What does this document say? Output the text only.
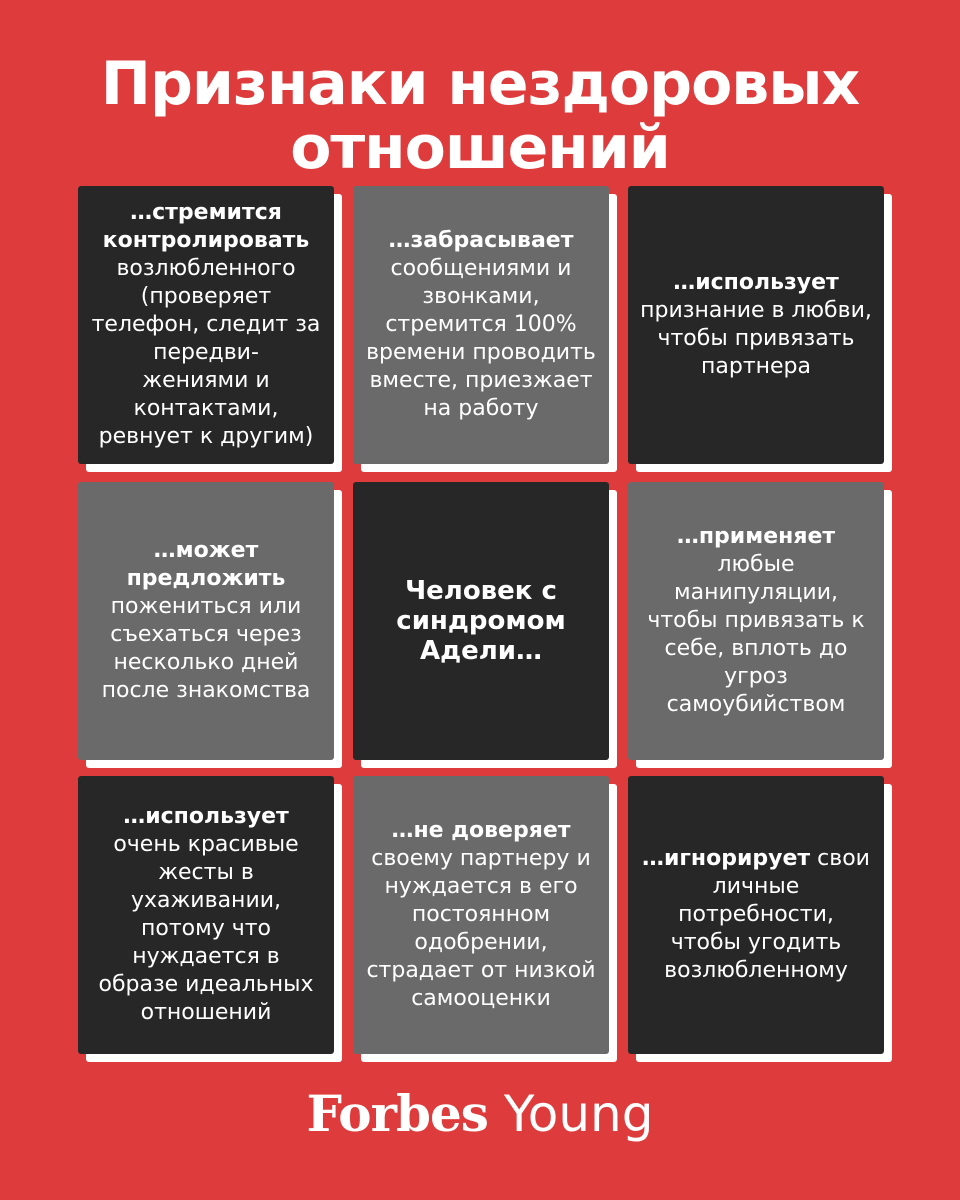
Признаки нездоровых
отношений
…стремится контролировать возлюбленного (проверяет телефон, следит за передви-
жениями и контактами, ревнует к другим)
…забрасывает сообщениями и звонками, стремится 100% времени проводить вместе, приезжает на работу
…использует признание в любви, чтобы привязать партнера
…может предложить пожениться или съехаться через несколько дней после знакомства
Человек с синдромом Адели…
…применяет любые манипуляции, чтобы привязать к себе, вплоть до угроз самоубийством
…использует очень красивые жесты в ухаживании, потому что нуждается в образе идеальных отношений
…не доверяет своему партнеру и нуждается в его постоянном одобрении, страдает от низкой самооценки
…игнорирует свои личные потребности, чтобы угодить возлюбленному
Forbes Young
